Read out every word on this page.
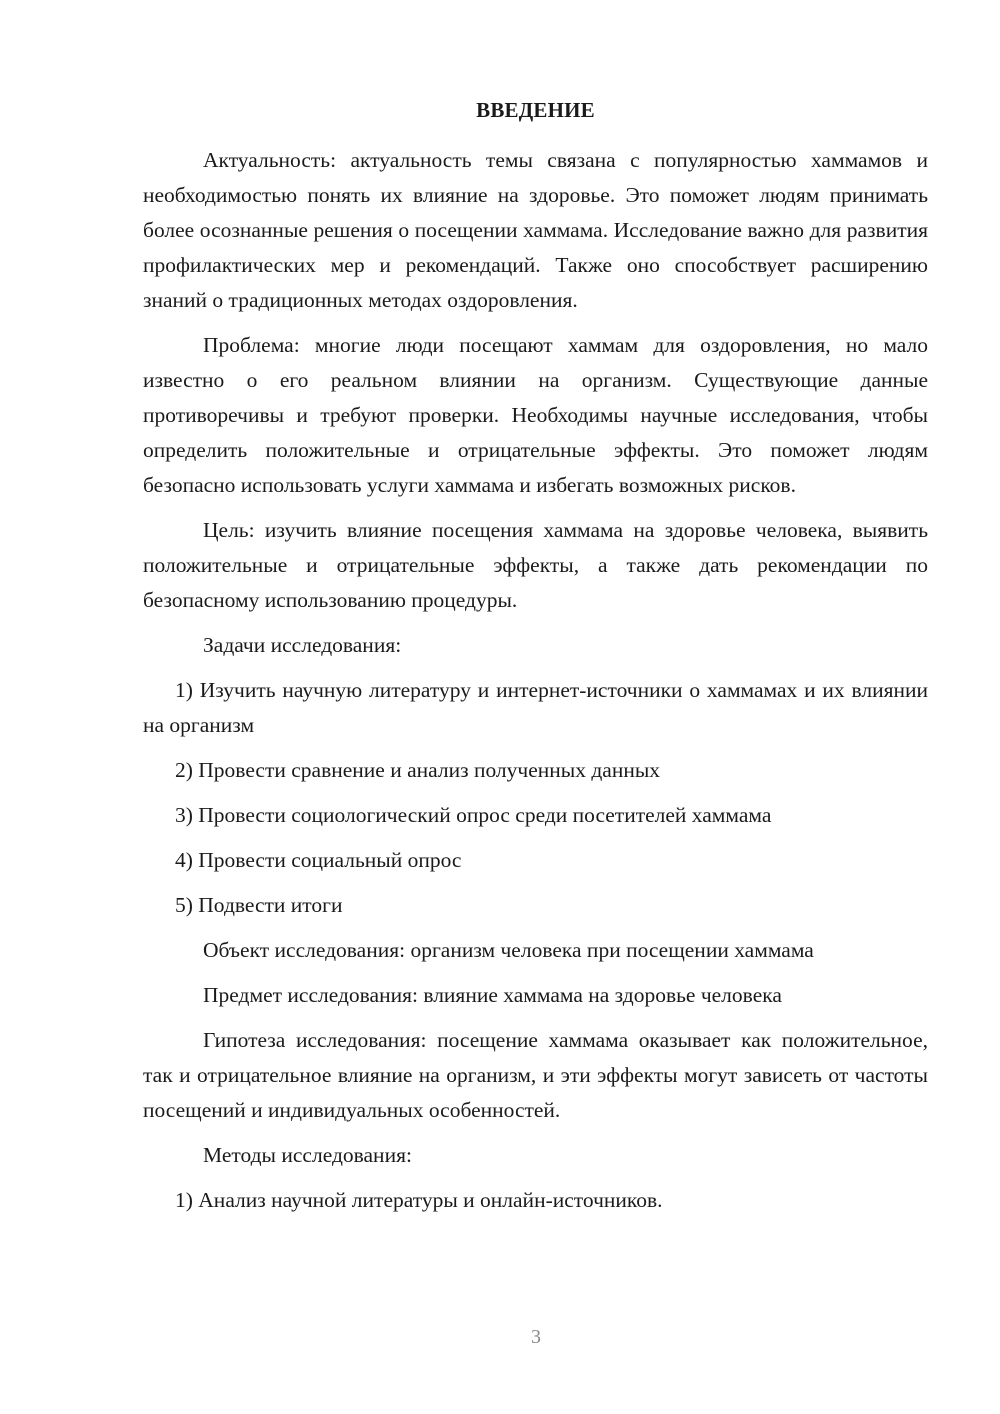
ВВЕДЕНИЕ

Актуальность: актуальность темы связана с популярностью хаммамов и необходимостью понять их влияние на здоровье. Это поможет людям принимать более осознанные решения о посещении хаммама. Исследование важно для развития профилактических мер и рекомендаций. Также оно способствует расширению знаний о традиционных методах оздоровления.

Проблема: многие люди посещают хаммам для оздоровления, но мало известно о его реальном влиянии на организм. Существующие данные противоречивы и требуют проверки. Необходимы научные исследования, чтобы определить положительные и отрицательные эффекты. Это поможет людям безопасно использовать услуги хаммама и избегать возможных рисков.

Цель: изучить влияние посещения хаммама на здоровье человека, выявить положительные и отрицательные эффекты, а также дать рекомендации по безопасному использованию процедуры.

Задачи исследования:

1) Изучить научную литературу и интернет-источники о хаммамах и их влиянии на организм

2) Провести сравнение и анализ полученных данных

3) Провести социологический опрос среди посетителей хаммама

4) Провести социальный опрос

5) Подвести итоги

Объект исследования: организм человека при посещении хаммама

Предмет исследования: влияние хаммама на здоровье человека

Гипотеза исследования: посещение хаммама оказывает как положительное, так и отрицательное влияние на организм, и эти эффекты могут зависеть от частоты посещений и индивидуальных особенностей.

Методы исследования:

1) Анализ научной литературы и онлайн-источников.

3
